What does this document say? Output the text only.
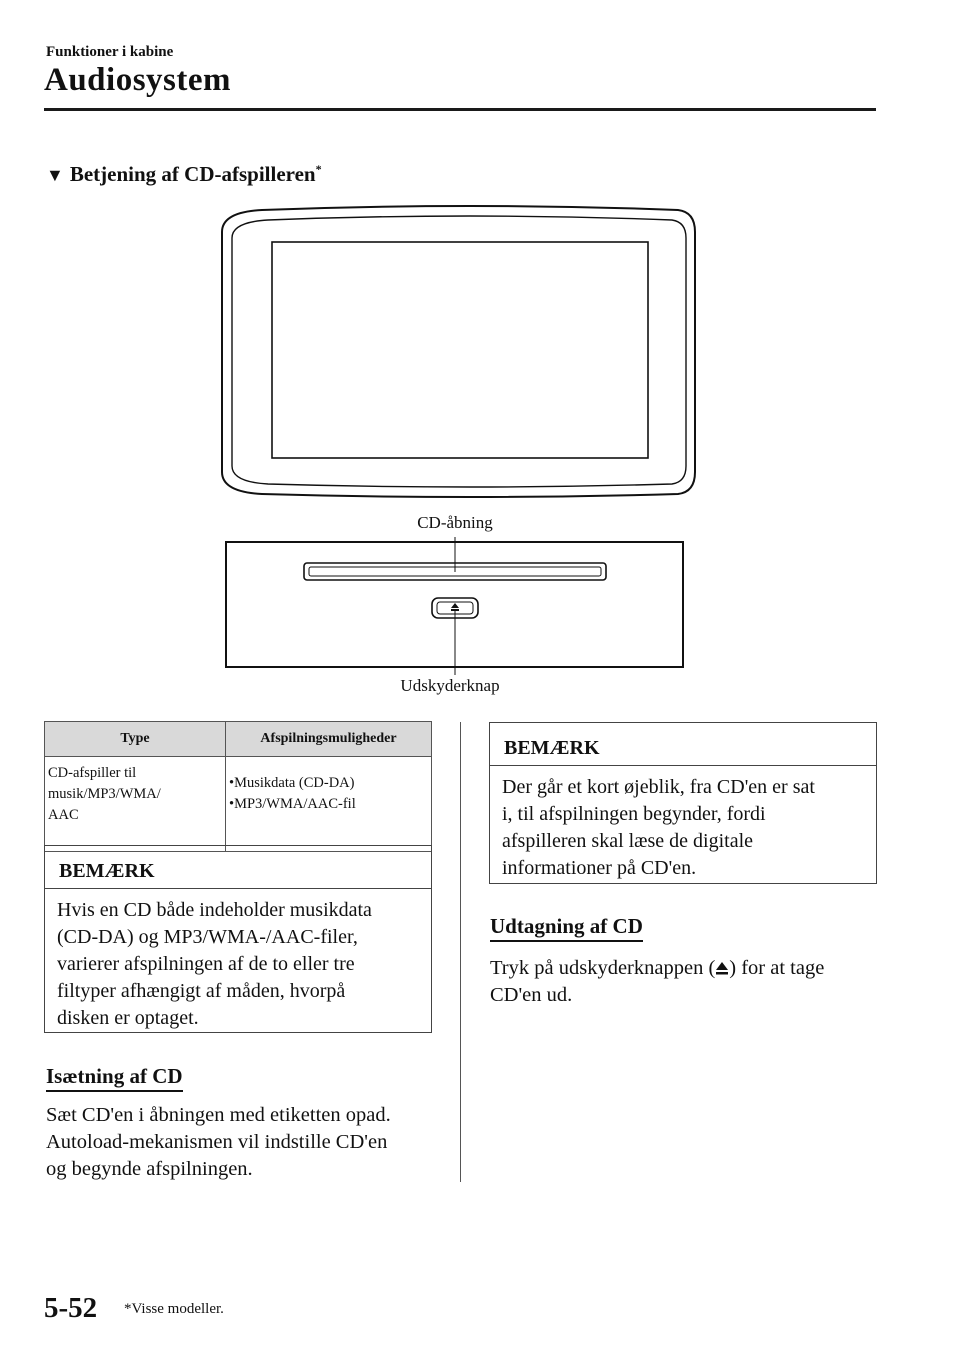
Funktioner i kabine
Audiosystem
▼ Betjening af CD-afspilleren*
CD-åbning
Udskyderknap
Type	Afspilningsmuligheder

CD-afspiller til
musik/MP3/WMA/
AAC	•Musikdata (CD-DA)
•MP3/WMA/AAC-fil
BEMÆRK
Hvis en CD både indeholder musikdata
(CD-DA) og MP3/WMA-/AAC-filer,
varierer afspilningen af de to eller tre
filtyper afhængigt af måden, hvorpå
disken er optaget.
Isætning af CD
Sæt CD'en i åbningen med etiketten opad.
Autoload-mekanismen vil indstille CD'en
og begynde afspilningen.
BEMÆRK
Der går et kort øjeblik, fra CD'en er sat
i, til afspilningen begynder, fordi
afspilleren skal læse de digitale
informationer på CD'en.
Udtagning af CD
Tryk på udskyderknappen ( ) for at tage
CD'en ud.
5-52 *Visse modeller.
